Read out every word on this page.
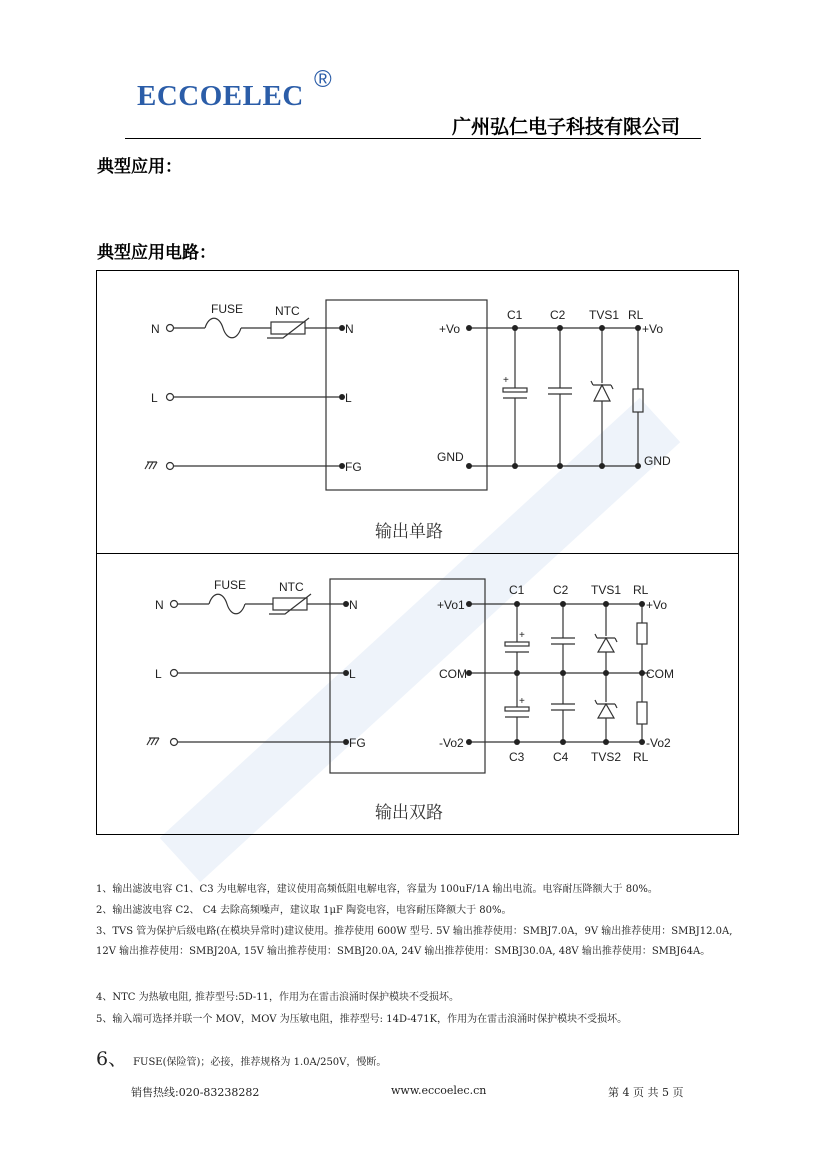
ECCOELEC
®
广州弘仁电子科技有限公司
典型应用：
典型应用电路：
+
FUSE	NTC
N
L
N
L
FG
+Vo
GND
C1 C2 TVS1 RL
+Vo
GND
输出单路
+
+
FUSE	NTC
N
L
N
L
FG
+Vo1
COM
-Vo2
C1 C2 TVS1 RL
C3 C4 TVS2 RL
+Vo
COM
-Vo2
输出双路
1、输出滤波电容 C1、C3 为电解电容，建议使用高频低阻电解电容，容量为 100uF/1A 输出电流。电容耐压降额大于 80%。
2、输出滤波电容 C2、 C4 去除高频噪声，建议取 1μF 陶瓷电容，电容耐压降额大于 80%。
3、TVS 管为保护后级电路(在模块异常时)建议使用。推荐使用 600W 型号. 5V 输出推荐使用：SMBJ7.0A，9V 输出推荐使用：SMBJ12.0A, 12V 输出推荐使用：SMBJ20A, 15V 输出推荐使用：SMBJ20.0A, 24V 输出推荐使用：SMBJ30.0A, 48V 输出推荐使用：SMBJ64A。
4、NTC 为热敏电阻, 推荐型号:5D-11，作用为在雷击浪涌时保护模块不受损坏。
5、输入端可选择并联一个 MOV，MOV 为压敏电阻，推荐型号: 14D-471K，作用为在雷击浪涌时保护模块不受损坏。
6、 FUSE(保险管)；必接，推荐规格为 1.0A/250V，慢断。
销售热线:020-83238282	www.eccoelec.cn	第 4 页 共 5 页
